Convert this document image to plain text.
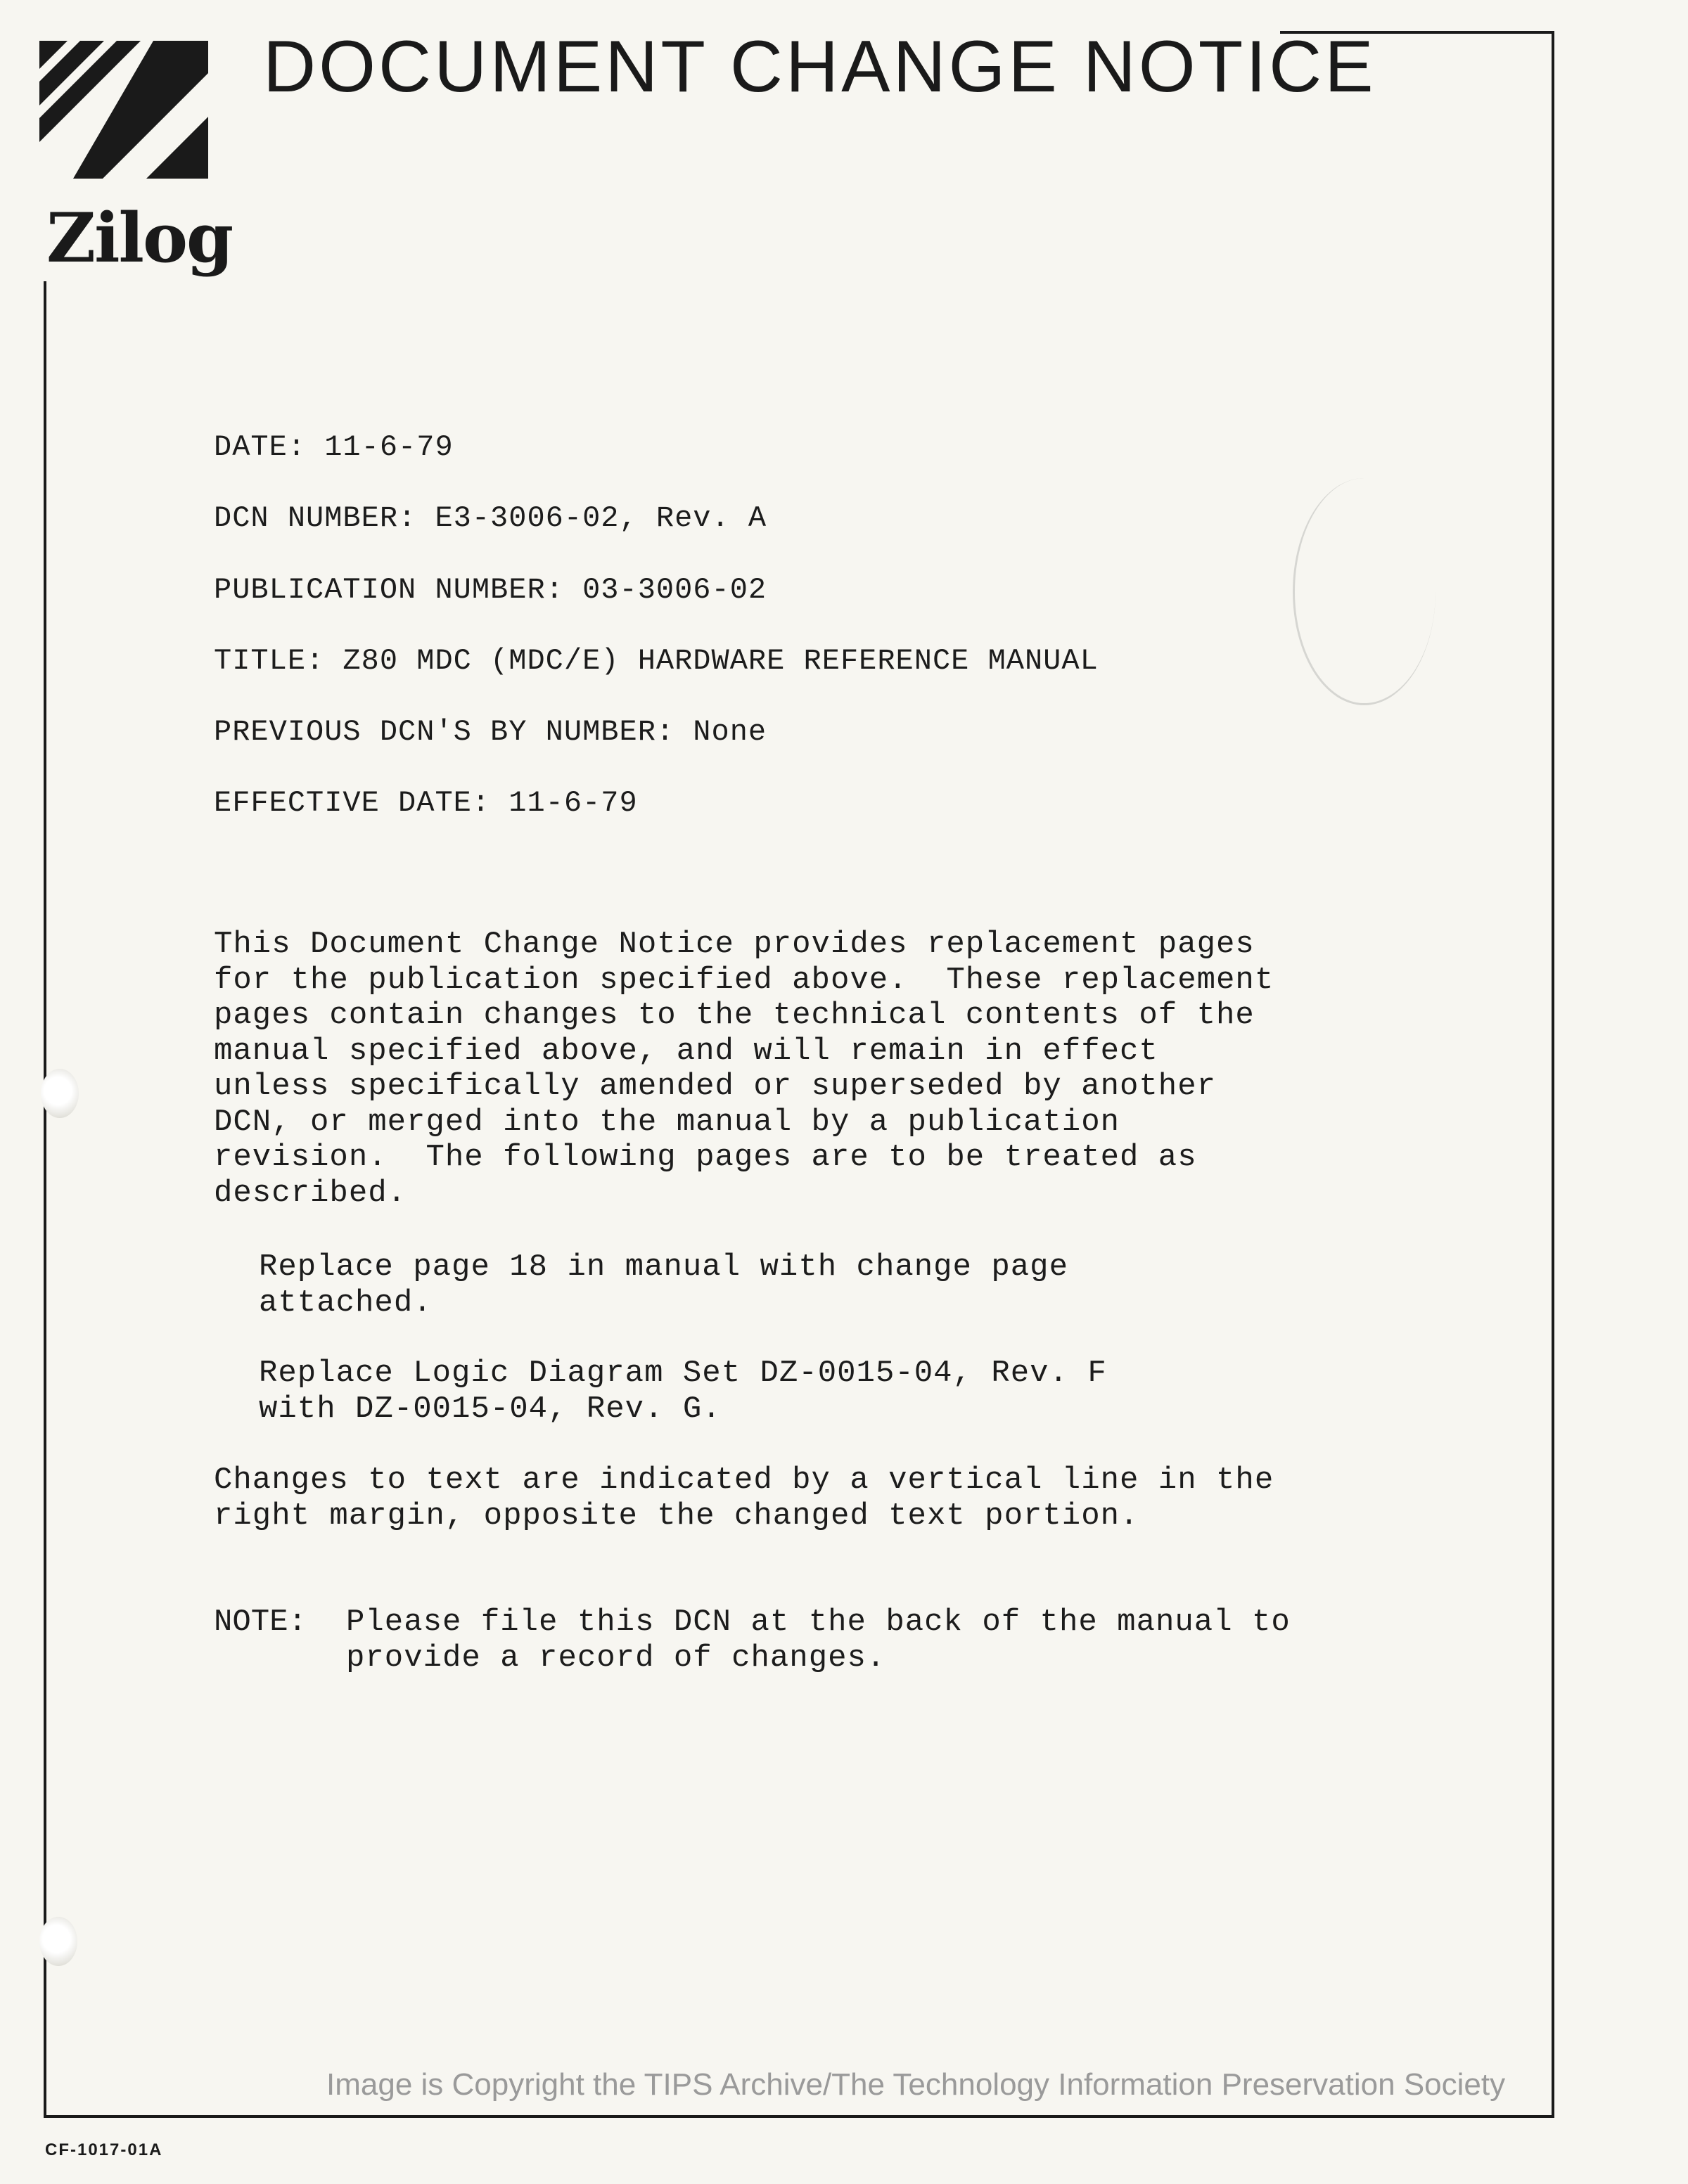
Zilog
DOCUMENT CHANGE NOTICE
DATE: 11-6-79
DCN NUMBER: E3-3006-02, Rev. A
PUBLICATION NUMBER: 03-3006-02
TITLE: Z80 MDC (MDC/E) HARDWARE REFERENCE MANUAL
PREVIOUS DCN'S BY NUMBER: None
EFFECTIVE DATE: 11-6-79
This Document Change Notice provides replacement pages
for the publication specified above.  These replacement
pages contain changes to the technical contents of the
manual specified above, and will remain in effect
unless specifically amended or superseded by another
DCN, or merged into the manual by a publication
revision.  The following pages are to be treated as
described.
Replace page 18 in manual with change page
attached.
Replace Logic Diagram Set DZ-0015-04, Rev. F
with DZ-0015-04, Rev. G.
Changes to text are indicated by a vertical line in the
right margin, opposite the changed text portion.
NOTE: Please file this DCN at the back of the manual to
provide a record of changes.
Image is Copyright the TIPS Archive/The Technology Information Preservation Society
CF-1017-01A
